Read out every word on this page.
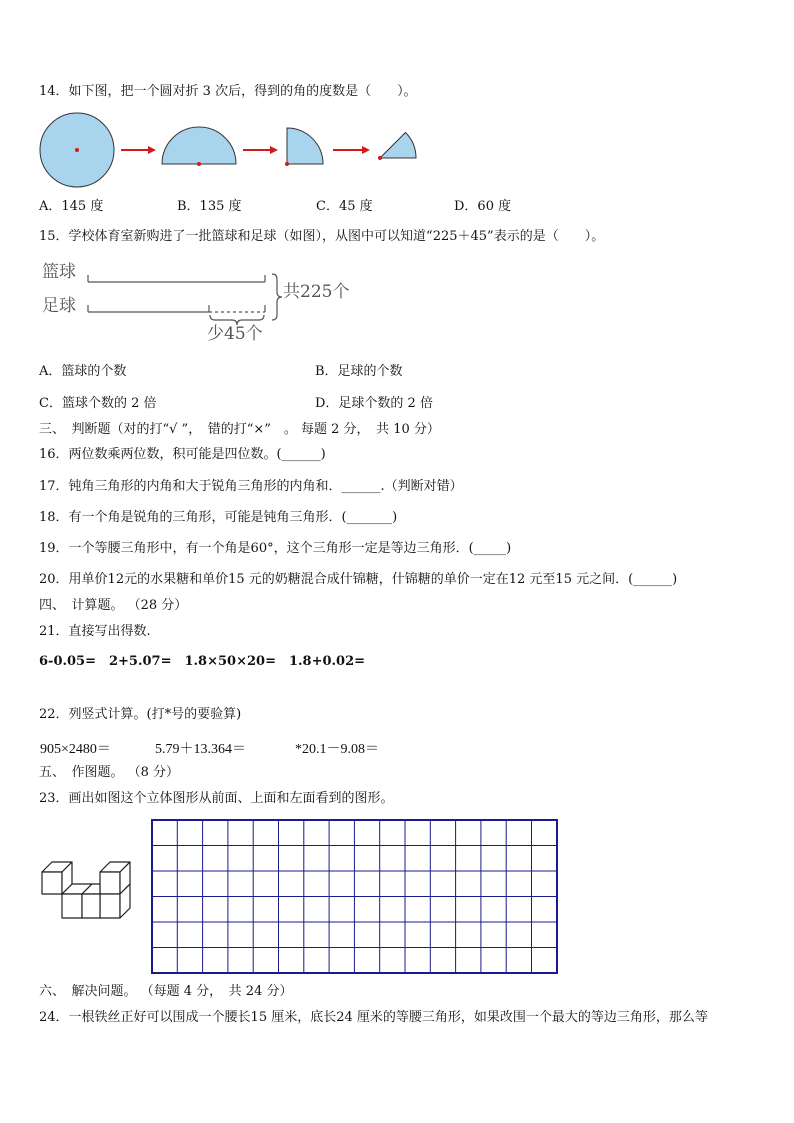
14．如下图，把一个圆对折 3 次后，得到的角的度数是（　　）。
A．145 度	B．135 度	C．45 度	D．60 度
15．学校体育室新购进了一批篮球和足球（如图），从图中可以知道“225＋45”表示的是（　　）。
篮球
足球
共225个
少45个
A．篮球的个数	B．足球的个数
C．篮球个数的 2 倍	D．足球个数的 2 倍
三、　判断题（对的打“√ ”，　错的打“×”　。 每题 2 分，　共 10 分）
16．两位数乘两位数，积可能是四位数。(______)
17．钝角三角形的内角和大于锐角三角形的内角和．______.（判断对错）
18．有一个角是锐角的三角形，可能是钝角三角形．(_______)
19．一个等腰三角形中，有一个角是60°，这个三角形一定是等边三角形．(_____)
20．用单价12元的水果糖和单价15 元的奶糖混合成什锦糖，什锦糖的单价一定在12 元至15 元之间．(______)
四、　计算题。 （28 分）
21．直接写出得数.
6-0.05=　2+5.07=　1.8×50×20=　1.8+0.02=
22．列竖式计算。(打*号的要验算)
905×2480＝	5.79＋13.364＝	*20.1－9.08＝
五、　作图题。 （8 分）
23．画出如图这个立体图形从前面、上面和左面看到的图形。
六、　解决问题。 （每题 4 分，　共 24 分）
24．一根铁丝正好可以围成一个腰长15 厘米，底长24 厘米的等腰三角形，如果改围一个最大的等边三角形，那么等
